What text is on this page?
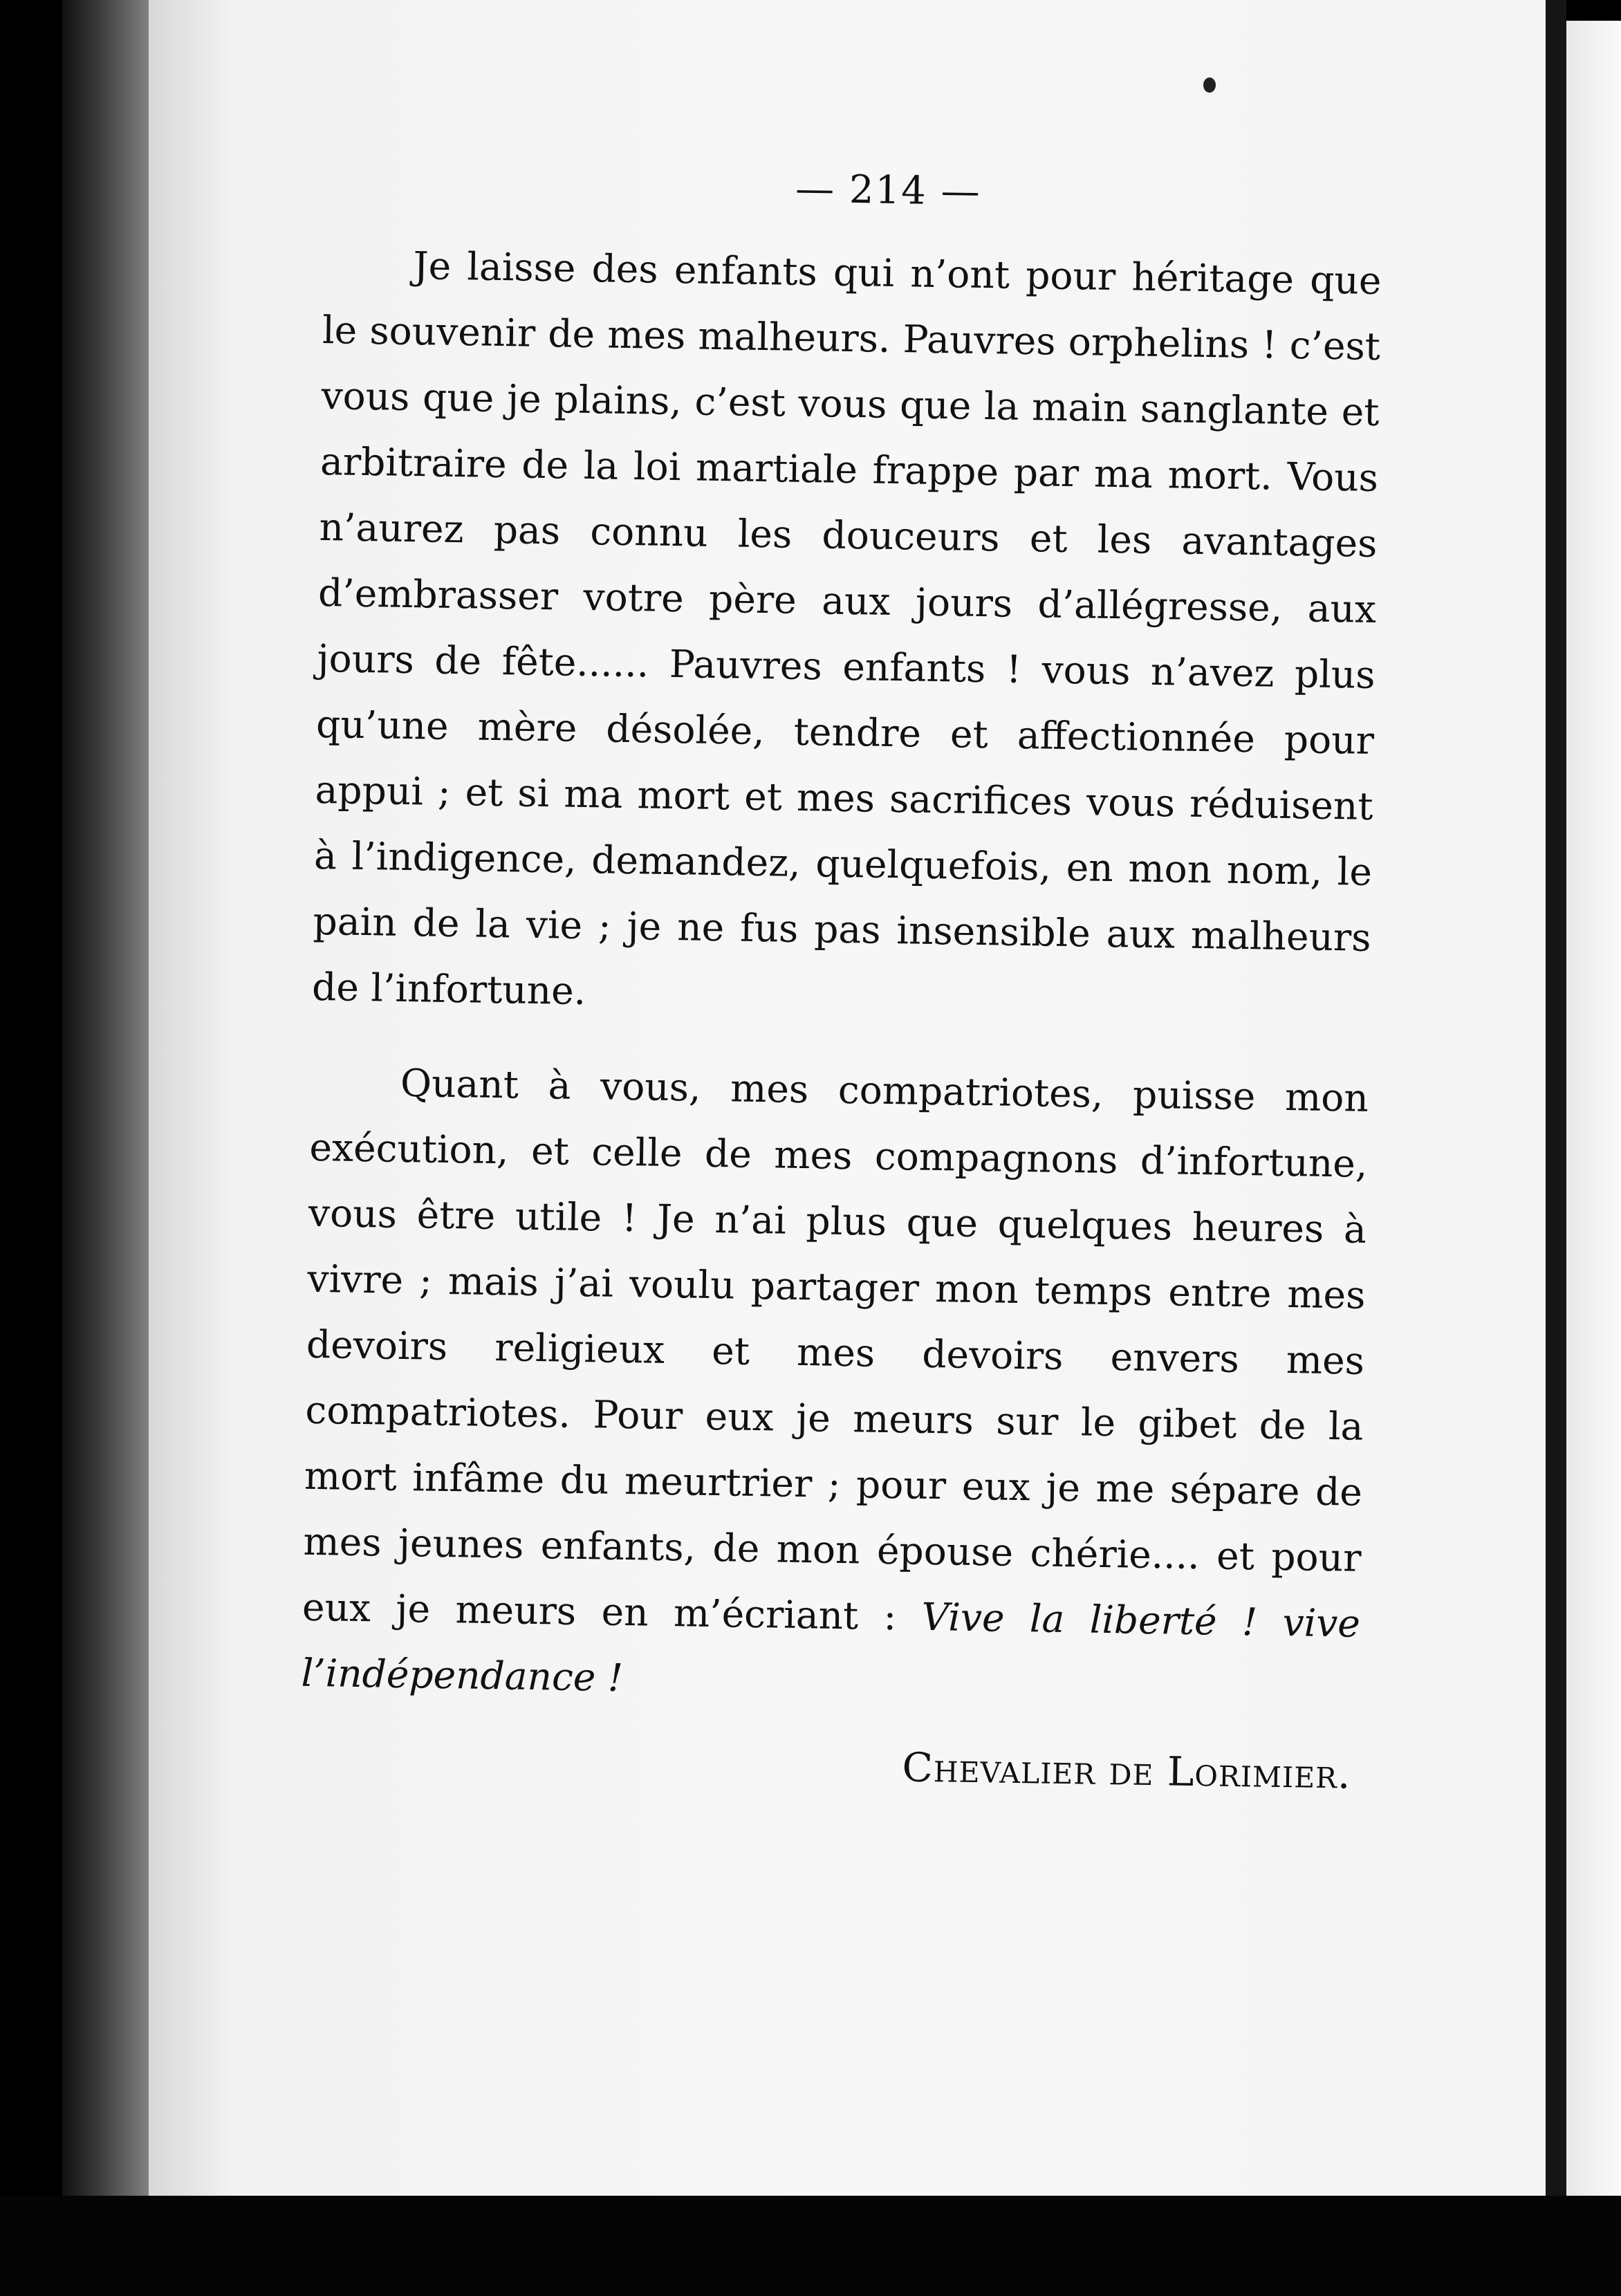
— 214 —

Je laisse des enfants qui n’ont pour héritage que le souvenir de mes malheurs. Pauvres orphelins ! c’est vous que je plains, c’est vous que la main sanglante et arbitraire de la loi martiale frappe par ma mort. Vous n’aurez pas connu les douceurs et les avantages d’embrasser votre père aux jours d’allégresse, aux jours de fête...... Pauvres enfants ! vous n’avez plus qu’une mère désolée, tendre et affectionnée pour appui ; et si ma mort et mes sacrifices vous réduisent à l’indigence, demandez, quelquefois, en mon nom, le pain de la vie ; je ne fus pas insensible aux malheurs de l’infortune.

Quant à vous, mes compatriotes, puisse mon exécution, et celle de mes compagnons d’infortune, vous être utile ! Je n’ai plus que quelques heures à vivre ; mais j’ai voulu partager mon temps entre mes devoirs religieux et mes devoirs envers mes compatriotes. Pour eux je meurs sur le gibet de la mort infâme du meurtrier ; pour eux je me sépare de mes jeunes enfants, de mon épouse chérie.... et pour eux je meurs en m’écriant : Vive la liberté ! vive l’indépendance !

Chevalier de Lorimier.
